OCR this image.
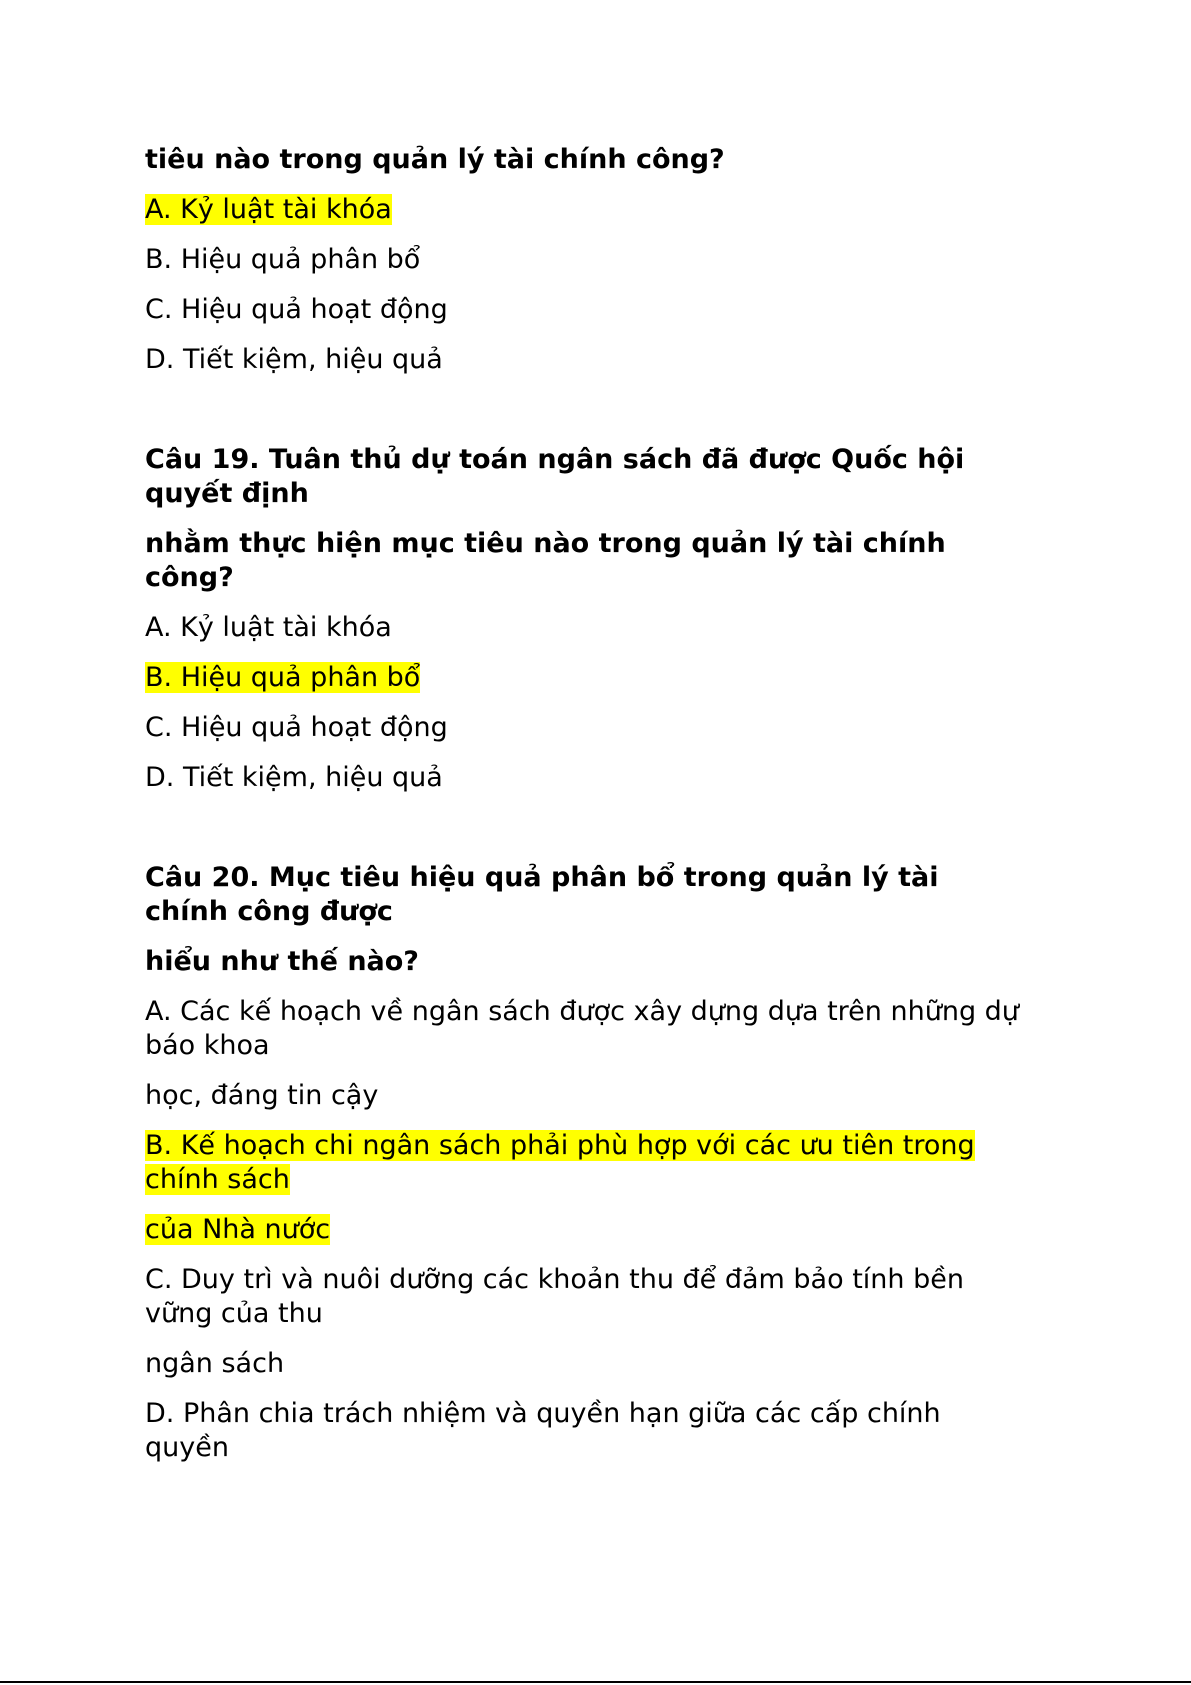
tiêu nào trong quản lý tài chính công?

A. Kỷ luật tài khóa

B. Hiệu quả phân bổ

C. Hiệu quả hoạt động

D. Tiết kiệm, hiệu quả

Câu 19. Tuân thủ dự toán ngân sách đã được Quốc hội quyết định

nhằm thực hiện mục tiêu nào trong quản lý tài chính công?

A. Kỷ luật tài khóa

B. Hiệu quả phân bổ

C. Hiệu quả hoạt động

D. Tiết kiệm, hiệu quả

Câu 20. Mục tiêu hiệu quả phân bổ trong quản lý tài chính công được

hiểu như thế nào?

A. Các kế hoạch về ngân sách được xây dựng dựa trên những dự báo khoa

học, đáng tin cậy

B. Kế hoạch chi ngân sách phải phù hợp với các ưu tiên trong chính sách

của Nhà nước

C. Duy trì và nuôi dưỡng các khoản thu để đảm bảo tính bền vững của thu

ngân sách

D. Phân chia trách nhiệm và quyền hạn giữa các cấp chính quyền
